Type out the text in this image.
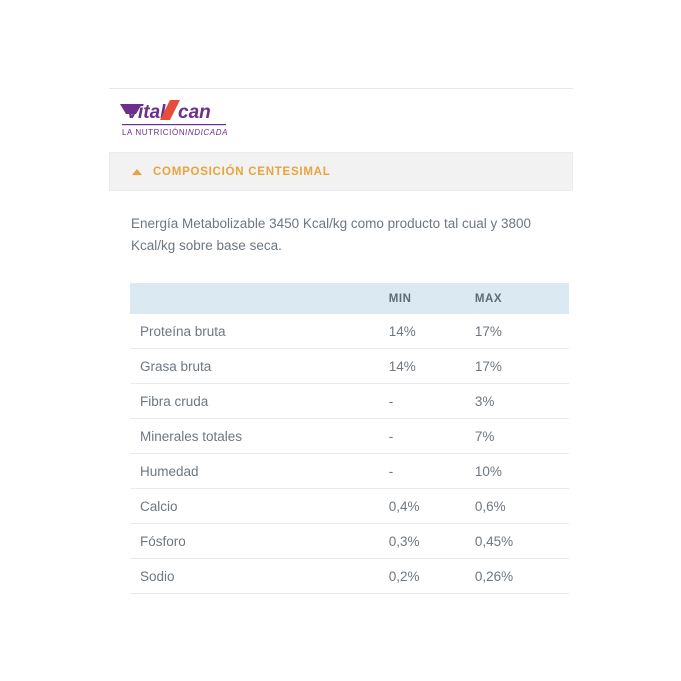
Vital can
LA NUTRICIÓN INDICADA
COMPOSICIÓN CENTESIMAL
Energía Metabolizable 3450 Kcal/kg como producto tal cual y 3800 Kcal/kg sobre base seca.
	MIN	MAX
Proteína bruta	14%	17%
Grasa bruta	14%	17%
Fibra cruda	-	3%
Minerales totales	-	7%
Humedad	-	10%
Calcio	0,4%	0,6%
Fósforo	0,3%	0,45%
Sodio	0,2%	0,26%
